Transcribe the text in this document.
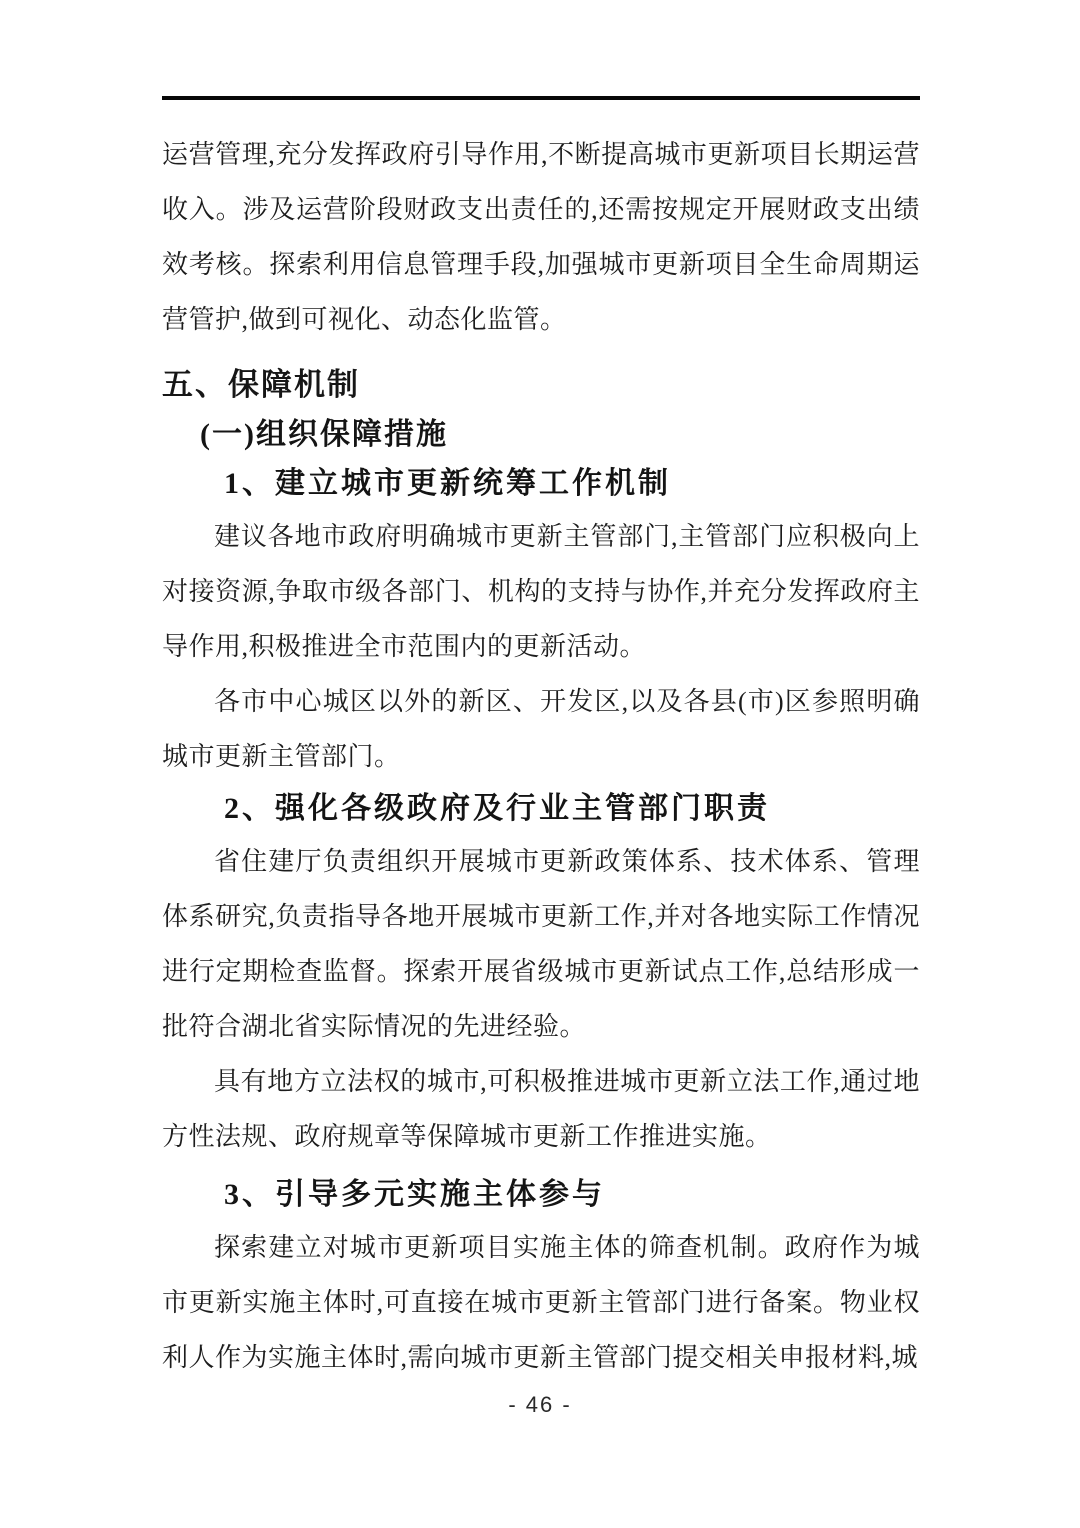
运营管理,充分发挥政府引导作用,不断提高城市更新项目长期运营收入。涉及运营阶段财政支出责任的,还需按规定开展财政支出绩效考核。探索利用信息管理手段,加强城市更新项目全生命周期运营管护,做到可视化、动态化监管。

五、保障机制
(一)组织保障措施
1、建立城市更新统筹工作机制

建议各地市政府明确城市更新主管部门,主管部门应积极向上对接资源,争取市级各部门、机构的支持与协作,并充分发挥政府主导作用,积极推进全市范围内的更新活动。

各市中心城区以外的新区、开发区,以及各县(市)区参照明确城市更新主管部门。

2、强化各级政府及行业主管部门职责

省住建厅负责组织开展城市更新政策体系、技术体系、管理体系研究,负责指导各地开展城市更新工作,并对各地实际工作情况进行定期检查监督。探索开展省级城市更新试点工作,总结形成一批符合湖北省实际情况的先进经验。

具有地方立法权的城市,可积极推进城市更新立法工作,通过地方性法规、政府规章等保障城市更新工作推进实施。

3、引导多元实施主体参与

探索建立对城市更新项目实施主体的筛查机制。政府作为城市更新实施主体时,可直接在城市更新主管部门进行备案。物业权利人作为实施主体时,需向城市更新主管部门提交相关申报材料,城

- 46 -
